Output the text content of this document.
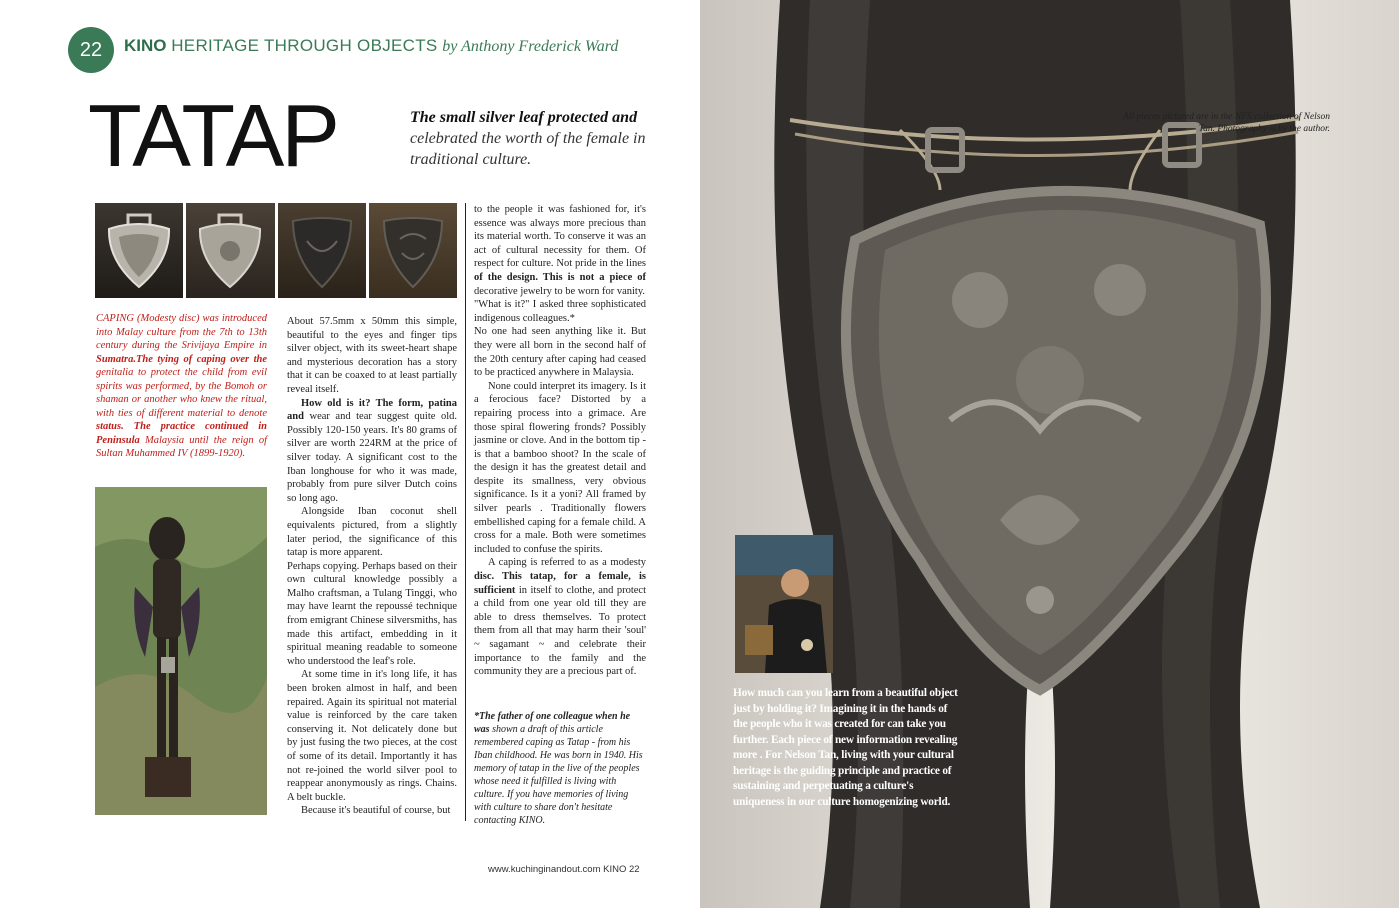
22 KINO HERITAGE THROUGH OBJECTS by Anthony Frederick Ward
TATAP	The small silver leaf protected and celebrated the worth of the female in traditional culture.
CAPING (Modesty disc) was introduced into Malay culture from the 7th to 13th century during the Srivijaya Empire in Sumatra.The tying of caping over the genitalia to protect the child from evil spirits was performed, by the Bomoh or shaman or another who knew the ritual, with ties of different material to denote status. The practice continued in Peninsula Malaysia until the reign of Sultan Muhammed IV (1899-1920).

About 57.5mm x 50mm this simple, beautiful to the eyes and finger tips silver object, with its sweet-heart shape and mysterious decoration has a story that it can be coaxed to at least partially reveal itself.

How old is it? The form, patina and wear and tear suggest quite old. Possibly 120-150 years. It's 80 grams of silver are worth 224RM at the price of silver today. A significant cost to the Iban longhouse for who it was made, probably from pure silver Dutch coins so long ago.

Alongside Iban coconut shell equivalents pictured, from a slightly later period, the significance of this tatap is more apparent.

Perhaps copying. Perhaps based on their own cultural knowledge possibly a Malho craftsman, a Tulang Tinggi, who may have learnt the repoussé technique from emigrant Chinese silversmiths, has made this artifact, embedding in it spiritual meaning readable to someone who understood the leaf's role.

At some time in it's long life, it has been broken almost in half, and been repaired. Again its spiritual not material value is reinforced by the care taken conserving it. Not delicately done but by just fusing the two pieces, at the cost of some of its detail. Importantly it has not re-joined the world silver pool to reappear anonymously as rings. Chains. A belt buckle.

Because it's beautiful of course, but

to the people it was fashioned for, it's essence was always more precious than its material worth. To conserve it was an act of cultural necessity for them. Of respect for culture. Not pride in the lines of the design. This is not a piece of decorative jewelry to be worn for vanity.

"What is it?" I asked three sophisticated indigenous colleagues.*

No one had seen anything like it. But they were all born in the second half of the 20th century after caping had ceased to be practiced anywhere in Malaysia.

None could interpret its imagery. Is it a ferocious face? Distorted by a repairing process into a grimace. Are those spiral flowering fronds? Possibly jasmine or clove. And in the bottom tip - is that a bamboo shoot? In the scale of the design it has the greatest detail and despite its smallness, very obvious significance. Is it a yoni? All framed by silver pearls . Traditionally flowers embellished caping for a female child. A cross for a male. Both were sometimes included to confuse the spirits.

A caping is referred to as a modesty disc. This tatap, for a female, is sufficient in itself to clothe, and protect a child from one year old till they are able to dress themselves. To protect them from all that may harm their 'soul' ~ sagamant ~ and celebrate their importance to the family and the community they are a precious part of.

*The father of one colleague when he was shown a draft of this article remembered caping as Tatap - from his Iban childhood. He was born in 1940. His memory of tatap in the live of the peoples whose need it fulfilled is living with culture. If you have memories of living with culture to share don't hesitate contacting KINO.
www.kuchinginandout.com KINO 22
All pieces pictured are in the NFS collection of Nelson Tan. Photography is by the author.
How much can you learn from a beautiful object just by holding it? Imagining it in the hands of the people who it was created for can take you further. Each piece of new information revealing more . For Nelson Tan, living with your cultural heritage is the guiding principle and practice of sustaining and perpetuating a culture's uniqueness in our culture homogenizing world.
